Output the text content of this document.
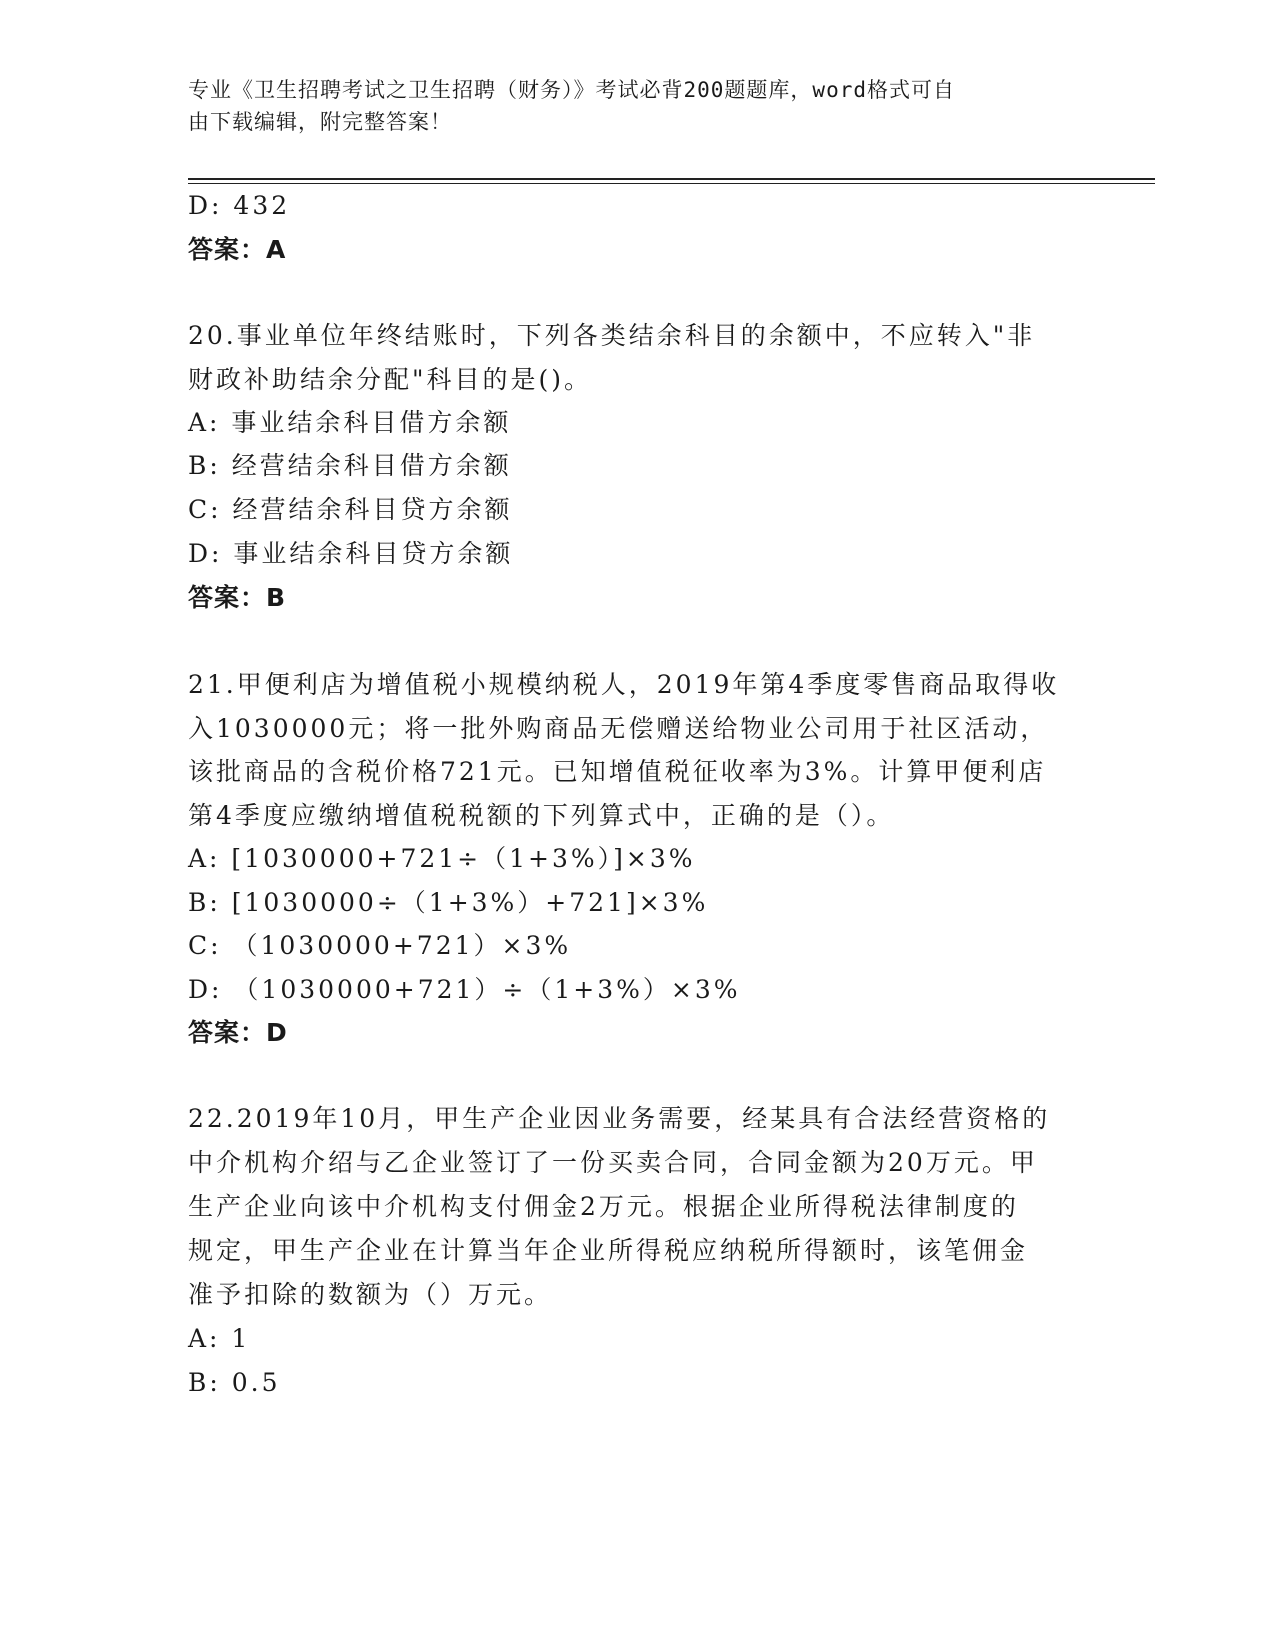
专业《卫生招聘考试之卫生招聘（财务）》考试必背200题题库，word格式可自
由下载编辑，附完整答案！
D: 432
答案：A
20.事业单位年终结账时，下列各类结余科目的余额中，不应转入"非
财政补助结余分配"科目的是()。
A: 事业结余科目借方余额
B: 经营结余科目借方余额
C: 经营结余科目贷方余额
D: 事业结余科目贷方余额
答案：B
21.甲便利店为增值税小规模纳税人，2019年第4季度零售商品取得收
入1030000元；将一批外购商品无偿赠送给物业公司用于社区活动，
该批商品的含税价格721元。已知增值税征收率为3%。计算甲便利店
第4季度应缴纳增值税税额的下列算式中，正确的是（）。
A: [1030000+721÷（1+3%）]×3%
B: [1030000÷（1+3%）+721]×3%
C: （1030000+721）×3%
D: （1030000+721）÷（1+3%）×3%
答案：D
22.2019年10月，甲生产企业因业务需要，经某具有合法经营资格的
中介机构介绍与乙企业签订了一份买卖合同，合同金额为20万元。甲
生产企业向该中介机构支付佣金2万元。根据企业所得税法律制度的
规定，甲生产企业在计算当年企业所得税应纳税所得额时，该笔佣金
准予扣除的数额为（）万元。
A: 1
B: 0.5
